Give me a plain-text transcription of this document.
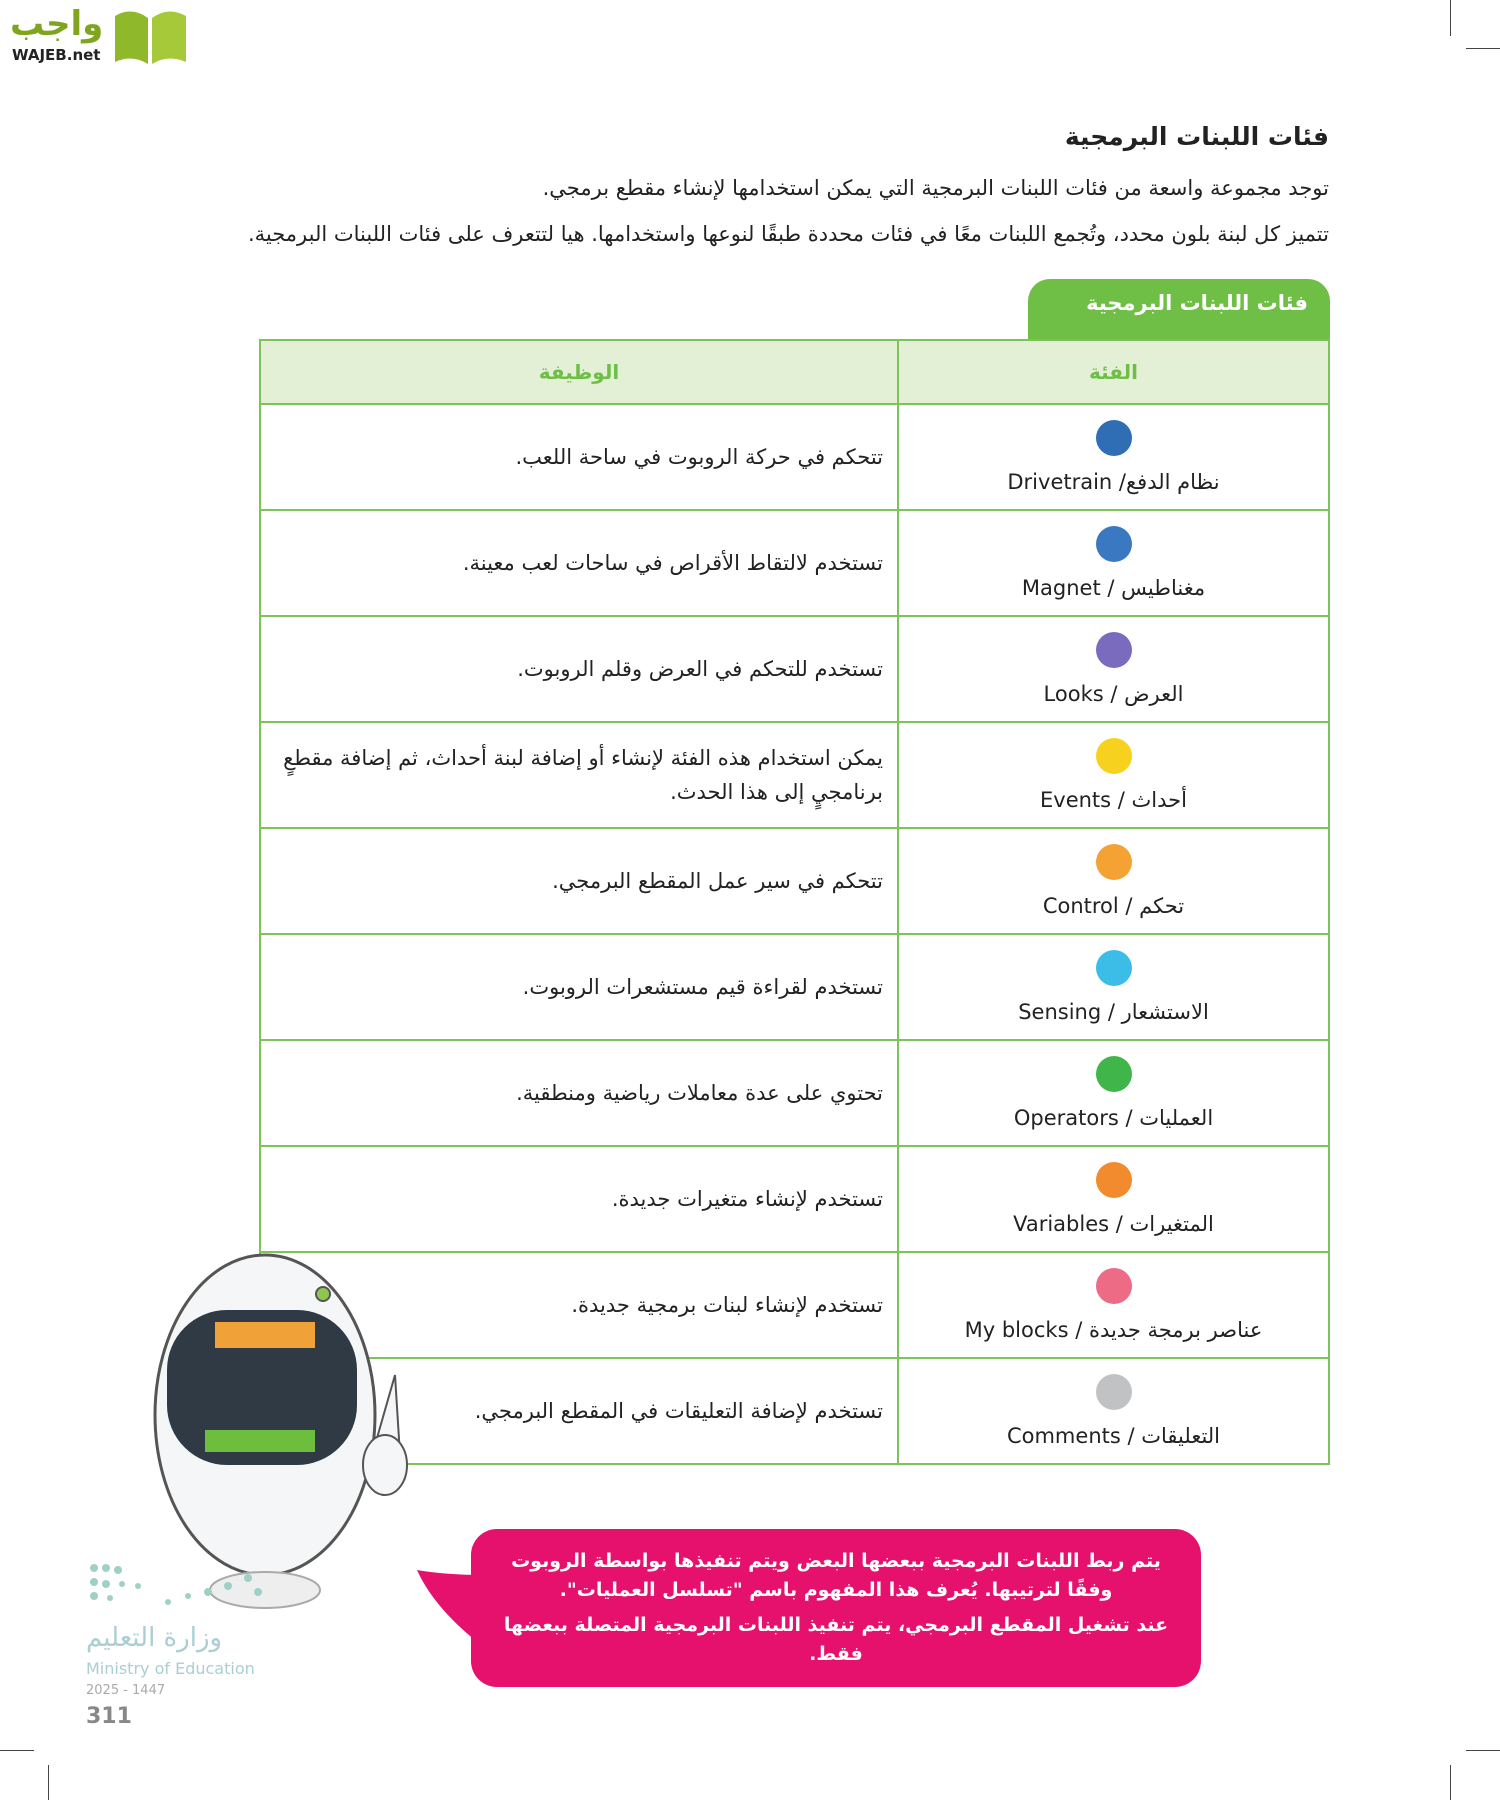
واجب
WAJEB.net
فئات اللبنات البرمجية
توجد مجموعة واسعة من فئات اللبنات البرمجية التي يمكن استخدامها لإنشاء مقطع برمجي.
تتميز كل لبنة بلون محدد، وتُجمع اللبنات معًا في فئات محددة طبقًا لنوعها واستخدامها. هيا لتتعرف على فئات اللبنات البرمجية.
فئات اللبنات البرمجية
الفئة	الوظيفة

نظام الدفع/ Drivetrain	تتحكم في حركة الروبوت في ساحة اللعب.

مغناطيس / Magnet	تستخدم لالتقاط الأقراص في ساحات لعب معينة.

العرض / Looks	تستخدم للتحكم في العرض وقلم الروبوت.

أحداث / Events	يمكن استخدام هذه الفئة لإنشاء أو إضافة لبنة أحداث، ثم إضافة مقطعٍ برنامجيٍ إلى هذا الحدث.

تحكم / Control	تتحكم في سير عمل المقطع البرمجي.

الاستشعار / Sensing	تستخدم لقراءة قيم مستشعرات الروبوت.

العمليات / Operators	تحتوي على عدة معاملات رياضية ومنطقية.

المتغيرات / Variables	تستخدم لإنشاء متغيرات جديدة.

عناصر برمجة جديدة / My blocks	تستخدم لإنشاء لبنات برمجية جديدة.

التعليقات / Comments	تستخدم لإضافة التعليقات في المقطع البرمجي.
يتم ربط اللبنات البرمجية ببعضها البعض ويتم تنفيذها بواسطة الروبوت وفقًا لترتيبها. يُعرف هذا المفهوم باسم "تسلسل العمليات".
عند تشغيل المقطع البرمجي، يتم تنفيذ اللبنات البرمجية المتصلة ببعضها فقط.
وزارة التعليم
Ministry of Education
2025 - 1447
311
